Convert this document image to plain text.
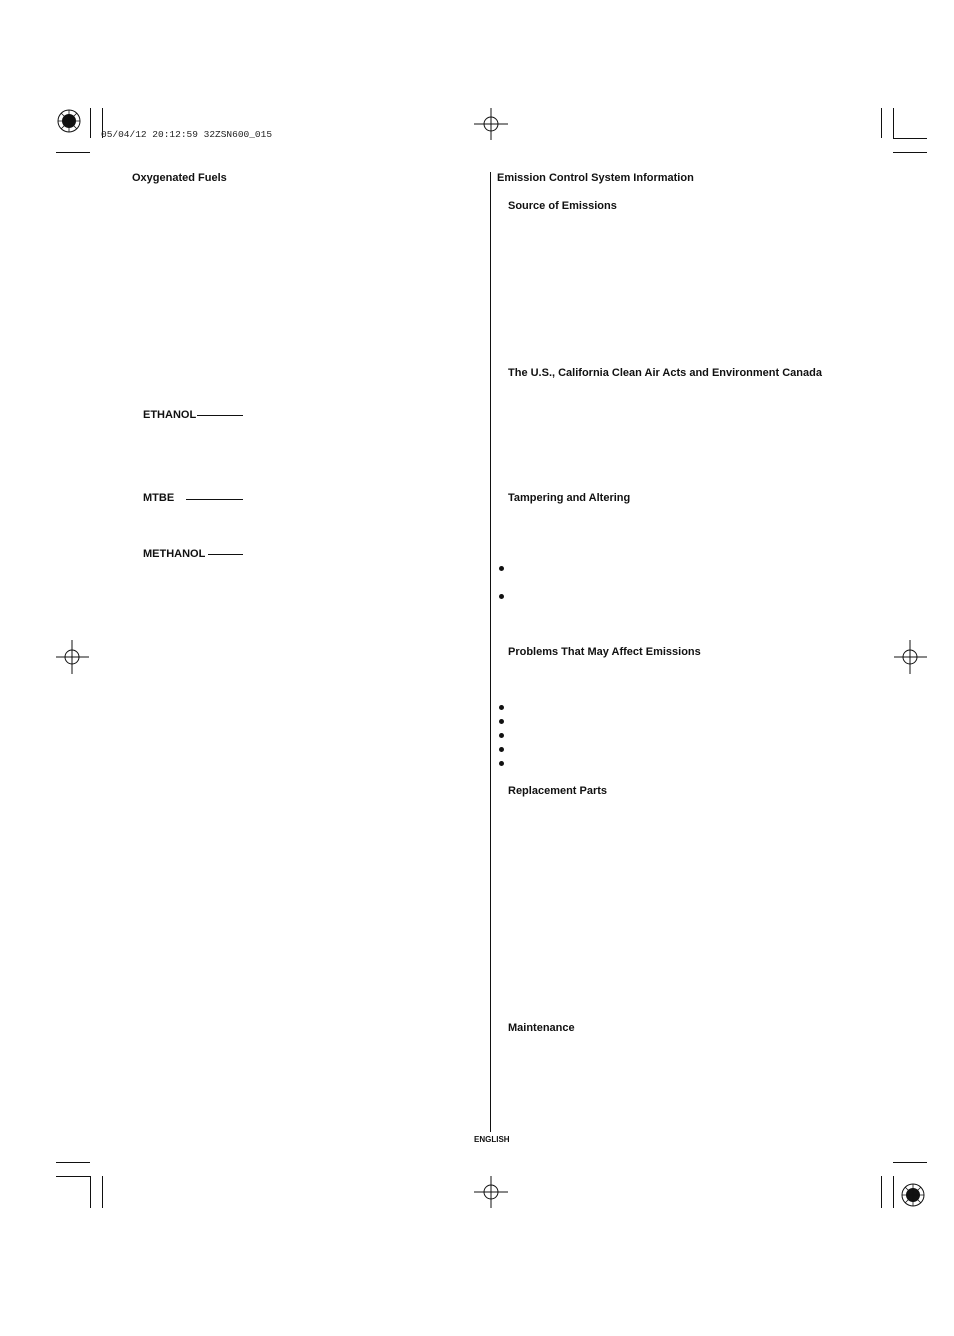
05/04/12 20:12:59 32ZSN600_015
Oxygenated Fuels
ETHANOL
MTBE
METHANOL
Emission Control System Information
Source of Emissions
The U.S., California Clean Air Acts and Environment Canada
Tampering and Altering
Problems That May Affect Emissions
Replacement Parts
Maintenance
ENGLISH
